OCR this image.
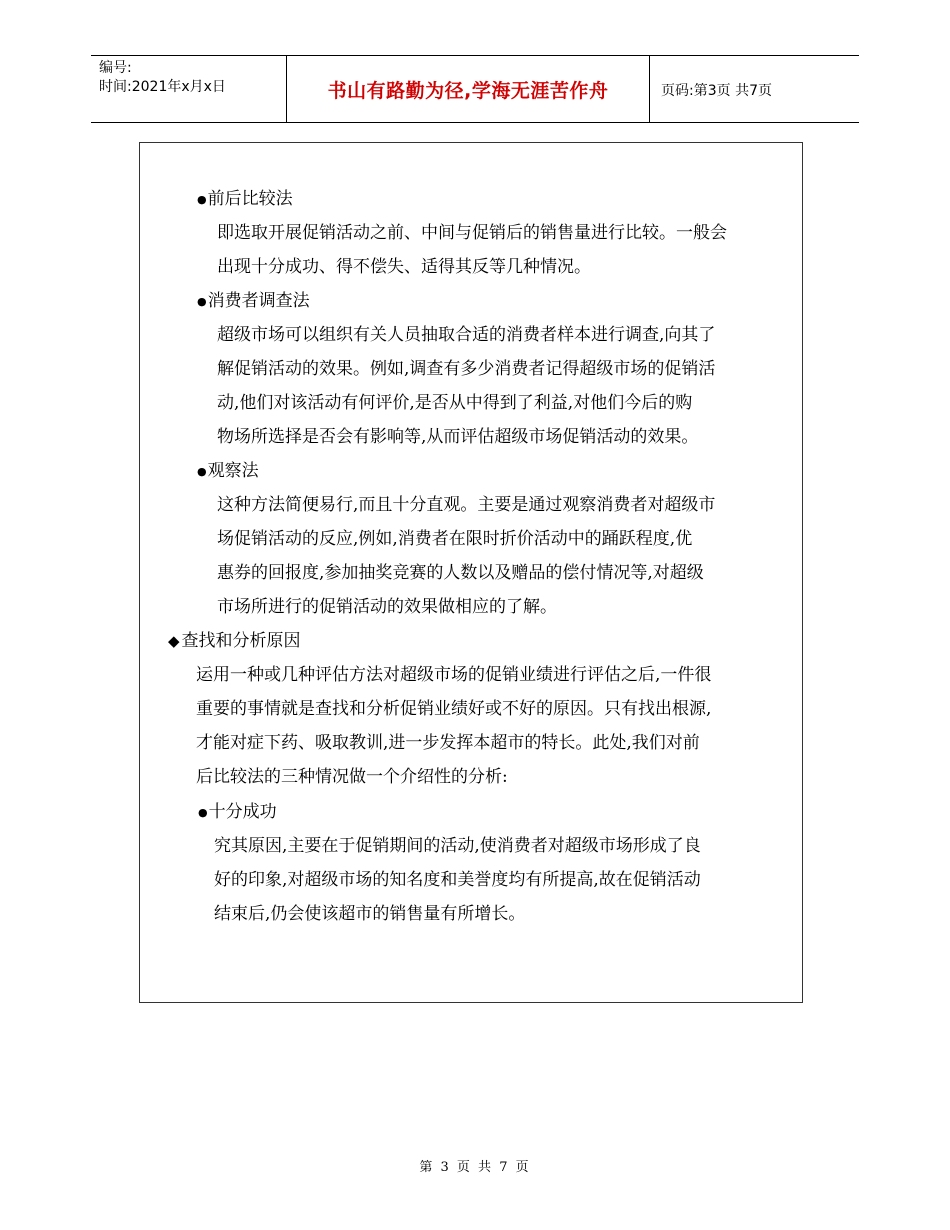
编号:
时间:2021年x月x日	书山有路勤为径,学海无涯苦作舟	页码:第3页 共7页
●前后比较法
即选取开展促销活动之前、中间与促销后的销售量进行比较。一般会
出现十分成功、得不偿失、适得其反等几种情况。
●消费者调查法
超级市场可以组织有关人员抽取合适的消费者样本进行调查,向其了
解促销活动的效果。例如,调查有多少消费者记得超级市场的促销活
动,他们对该活动有何评价,是否从中得到了利益,对他们今后的购
物场所选择是否会有影响等,从而评估超级市场促销活动的效果。
●观察法
这种方法简便易行,而且十分直观。主要是通过观察消费者对超级市
场促销活动的反应,例如,消费者在限时折价活动中的踊跃程度,优
惠券的回报度,参加抽奖竞赛的人数以及赠品的偿付情况等,对超级
市场所进行的促销活动的效果做相应的了解。
◆ 查找和分析原因
运用一种或几种评估方法对超级市场的促销业绩进行评估之后,一件很
重要的事情就是查找和分析促销业绩好或不好的原因。只有找出根源,
才能对症下药、吸取教训,进一步发挥本超市的特长。此处,我们对前
后比较法的三种情况做一个介绍性的分析:
●十分成功
究其原因,主要在于促销期间的活动,使消费者对超级市场形成了良
好的印象,对超级市场的知名度和美誉度均有所提高,故在促销活动
结束后,仍会使该超市的销售量有所增长。
第 3 页 共 7 页
